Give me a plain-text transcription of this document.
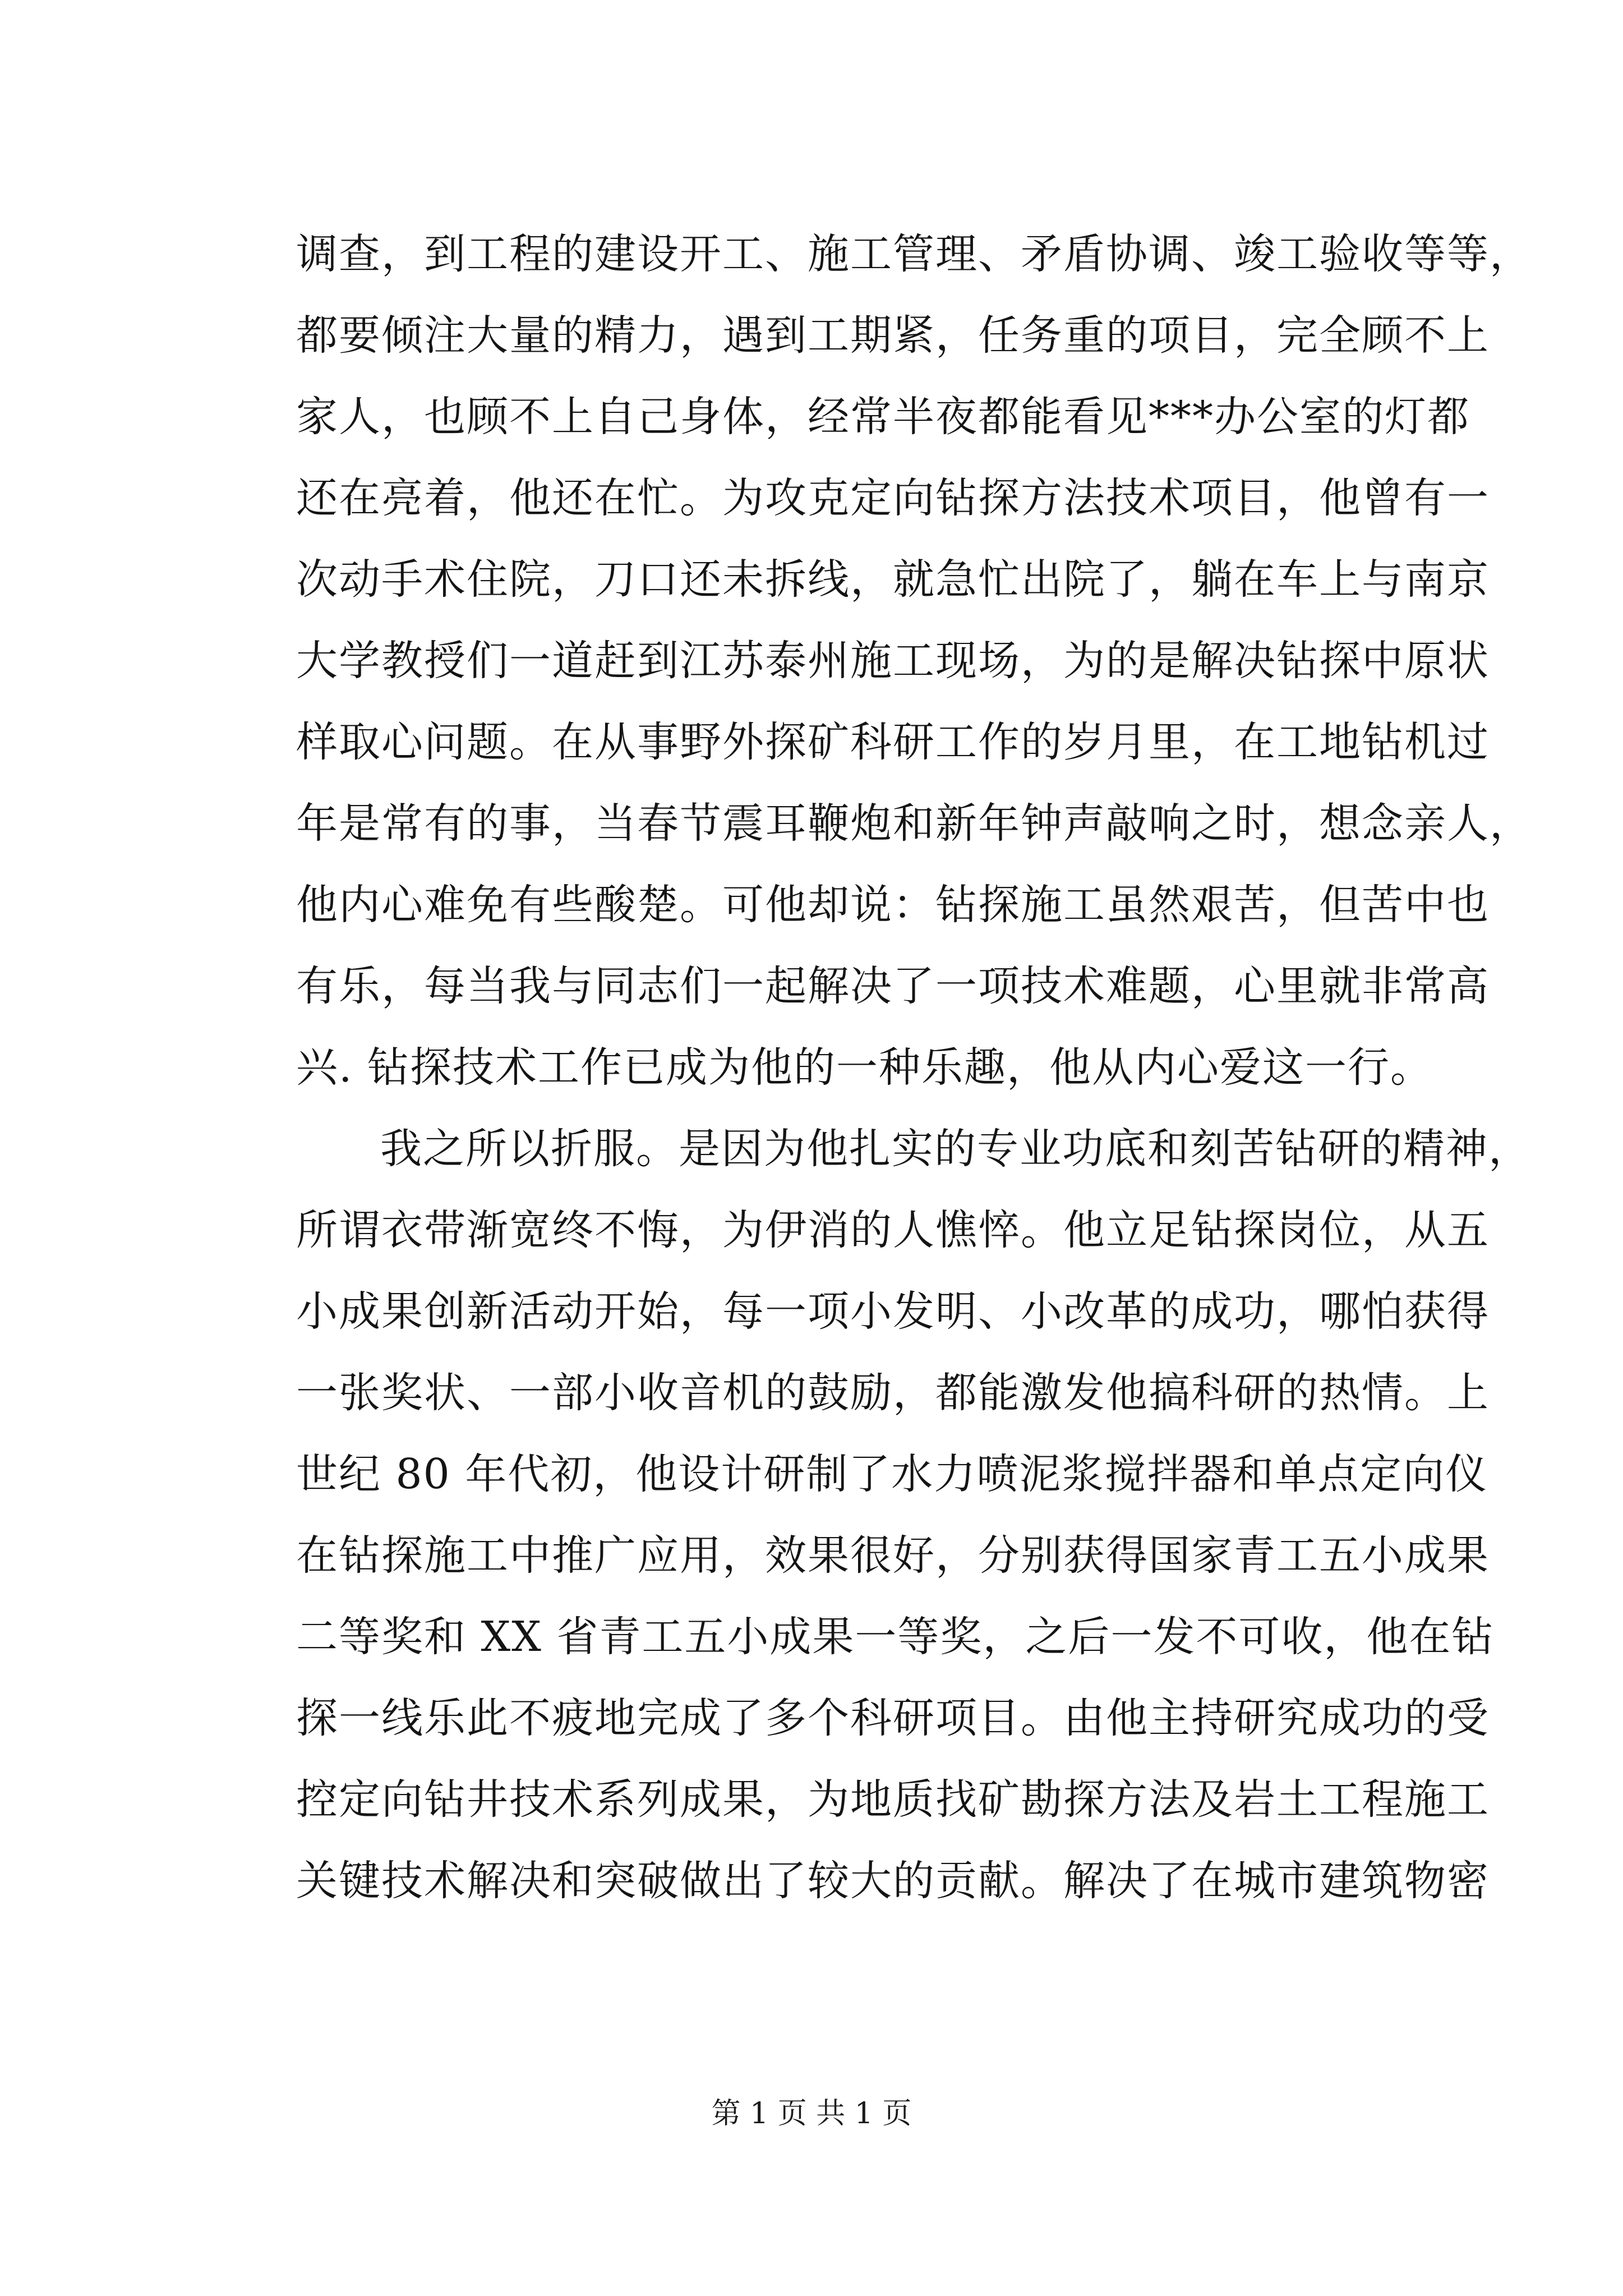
调查，到工程的建设开工、施工管理、矛盾协调、竣工验收等等，
都要倾注大量的精力，遇到工期紧，任务重的项目，完全顾不上
家人，也顾不上自己身体，经常半夜都能看见***办公室的灯都
还在亮着，他还在忙。为攻克定向钻探方法技术项目，他曾有一
次动手术住院，刀口还未拆线，就急忙出院了，躺在车上与南京
大学教授们一道赶到江苏泰州施工现场，为的是解决钻探中原状
样取心问题。在从事野外探矿科研工作的岁月里，在工地钻机过
年是常有的事，当春节震耳鞭炮和新年钟声敲响之时，想念亲人，
他内心难免有些酸楚。可他却说：钻探施工虽然艰苦，但苦中也
有乐，每当我与同志们一起解决了一项技术难题，心里就非常高
兴. 钻探技术工作已成为他的一种乐趣，他从内心爱这一行。
我之所以折服。是因为他扎实的专业功底和刻苦钻研的精神，
所谓衣带渐宽终不悔，为伊消的人憔悴。他立足钻探岗位，从五
小成果创新活动开始，每一项小发明、小改革的成功，哪怕获得
一张奖状、一部小收音机的鼓励，都能激发他搞科研的热情。上
世纪 80 年代初，他设计研制了水力喷泥浆搅拌器和单点定向仪
在钻探施工中推广应用，效果很好，分别获得国家青工五小成果
二等奖和 XX 省青工五小成果一等奖，之后一发不可收，他在钻
探一线乐此不疲地完成了多个科研项目。由他主持研究成功的受
控定向钻井技术系列成果，为地质找矿勘探方法及岩土工程施工
关键技术解决和突破做出了较大的贡献。解决了在城市建筑物密
第 1 页 共 1 页
